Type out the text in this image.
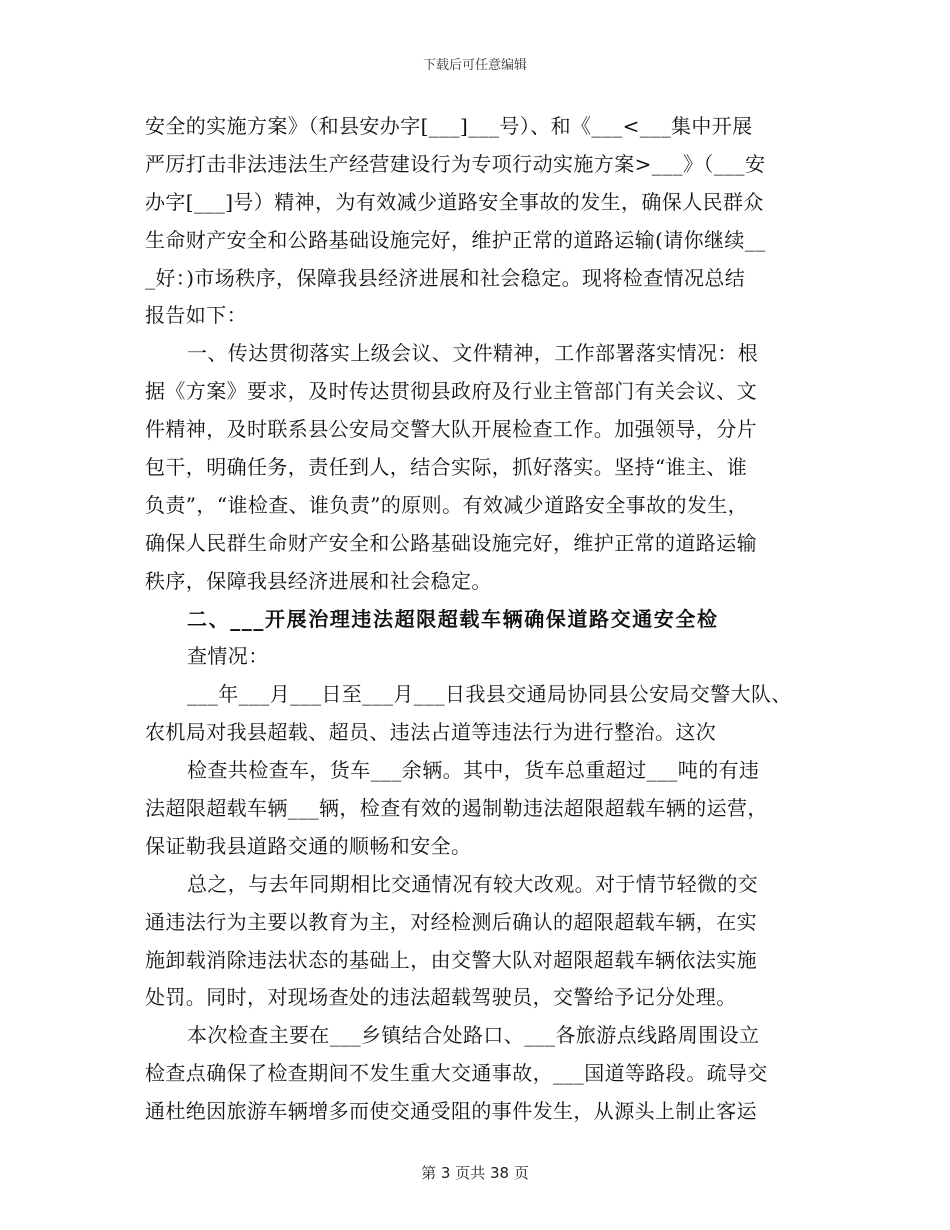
下载后可任意编辑
安全的实施方案》（和县安办字[___]___号）、和《___<___集中开展
严厉打击非法违法生产经营建设行为专项行动实施方案>___》（___安
办字[___]号）精神，为有效减少道路安全事故的发生，确保人民群众
生命财产安全和公路基础设施完好，维护正常的道路运输(请你继续__
_好：)市场秩序，保障我县经济进展和社会稳定。现将检查情况总结
报告如下：
一、传达贯彻落实上级会议、文件精神，工作部署落实情况：根
据《方案》要求，及时传达贯彻县政府及行业主管部门有关会议、文
件精神，及时联系县公安局交警大队开展检查工作。加强领导，分片
包干，明确任务，责任到人，结合实际，抓好落实。坚持“谁主、谁
负责”，“谁检查、谁负责”的原则。有效减少道路安全事故的发生，
确保人民群生命财产安全和公路基础设施完好，维护正常的道路运输
秩序，保障我县经济进展和社会稳定。
二、___开展治理违法超限超载车辆确保道路交通安全检
查情况：
___年___月___日至___月___日我县交通局协同县公安局交警大队、
农机局对我县超载、超员、违法占道等违法行为进行整治。这次
检查共检查车，货车___余辆。其中，货车总重超过___吨的有违
法超限超载车辆___辆，检查有效的遏制勒违法超限超载车辆的运营，
保证勒我县道路交通的顺畅和安全。
总之，与去年同期相比交通情况有较大改观。对于情节轻微的交
通违法行为主要以教育为主，对经检测后确认的超限超载车辆，在实
施卸载消除违法状态的基础上，由交警大队对超限超载车辆依法实施
处罚。同时，对现场查处的违法超载驾驶员，交警给予记分处理。
本次检查主要在___乡镇结合处路口、___各旅游点线路周围设立
检查点确保了检查期间不发生重大交通事故，___国道等路段。疏导交
通杜绝因旅游车辆增多而使交通受阻的事件发生，从源头上制止客运
第 3 页共 38 页
